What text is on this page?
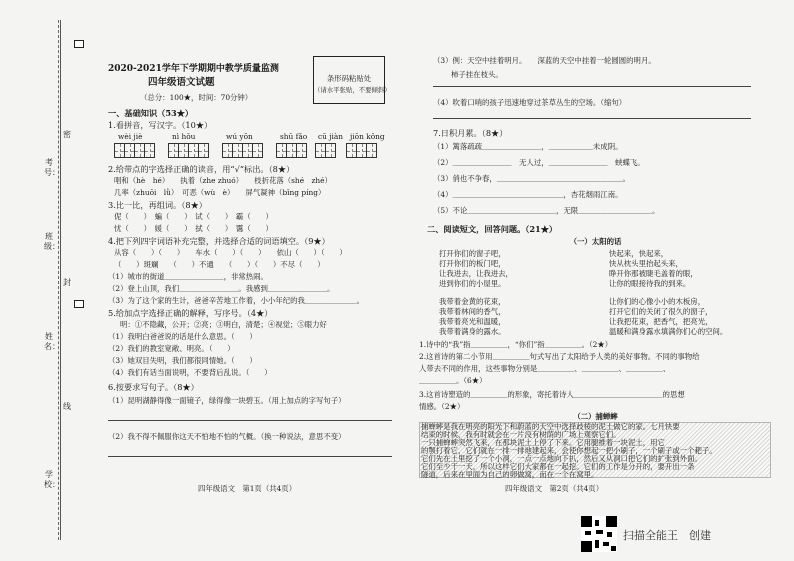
学校：
线
姓名：
封
班级：
密
考号：
2020-2021学年下学期期中教学质量监测
四年级语文试题
（总分：100★，时间：70分钟）
条形码粘贴处
（请水平张贴，不要倾斜）
一、基础知识（53★）
1.看拼音，写汉字。（10★）
wèi jiè	nì hǒu	wú yōn	shū fǎo cū jiàn jiōn kǒng
2.给带点的字选择正确的读音，用“√”标出。（8★）
唱和（hè　hé）　　执着（zhe zhuó）　　枝折花落（shé　zhé）
几率（zhuōi　lǜ）　可恶（wù　è）　　屏气凝神（bǐng píng）
3.比一比，再组词。（8★）
伲（　　）　蝙（　　）　试（　　）　霸（　　）
忧（　　）　媛（　　）　拭（　　）　霭（　　）
4.把下列四字词语补充完整，并选择合适的词语填空。（9★）
从容（　　）（　　）　　车水（　　）（　　）　　依山（　　）（　　）
（　　）斑斓　　（　　）不通　　（　　）（　　）不尽（　　）
（1）城市的街道＿＿＿＿＿＿＿＿，非常热闹。
（2）登上山顶，我们＿＿＿＿＿＿＿＿。我感到＿＿＿＿＿＿＿＿。
（3）为了这个家的生计，爸爸辛苦地工作着，小小年纪的我＿＿＿＿＿＿＿。
5.给加点字选择正确的解释，写序号。（4★）
明：①不隐藏，公开；②亮；③明白，清楚；④视觉；⑤眼力好
（1）我明白爸爸说的话是什么意思。（　　）
（2）我们的教室宽敞、明亮。（　　）
（3）她双目失明，我们都很同情她。（　　）
（4）我们有话当面说明，不要背后乱说。（　　）
6.按要求写句子。（8★）
（1）昆明湖静得像一面镜子，绿得像一块碧玉。（用上加点的字写句子）
（2）我不得不佩服你这天不怕地不怕的气概。（换一种说法，意思不变）
四年级语文　第1页（共4页）
（3）例：天空中挂着明月。　　深蓝的天空中挂着一轮圆圆的明月。
柿子挂在枝头。
（4）吹着口哨的孩子迅速地穿过茶草丛生的空场。（缩句）
7.日积月累。（8★）
（1）篱落疏疏＿＿＿＿＿＿＿＿，＿＿＿＿＿＿未成阴。
（2）＿＿＿＿＿＿＿＿　无人过，＿＿＿＿＿＿＿＿　蛱蝶飞。
（3）俏也不争春，＿＿＿＿＿＿＿＿＿＿＿＿＿＿＿＿＿。
（4）＿＿＿＿＿＿＿＿＿＿＿＿＿＿＿，杏花烟雨江南。
（5）不论＿＿＿＿＿＿＿＿＿＿＿＿，无限＿＿＿＿＿＿＿＿＿＿。
二、阅读短文，回答问题。（21★）
（一）太阳的话
打开你们的窗子吧，
打开你们的板门吧，
让我进去，让我进去，
进到你们的小屋里。
我带着金黄的花束，
我带着林间的香气，
我带着亮光和温暖，
我带着满身的露水。
快起来，快起来，
快从枕头里抬起头来，
睁开你那被睫毛盖着的眼，
让你的眼接待我的到来。
让你们的心像小小的木板房，
打开它们的关闭了很久的窗子，
让我把花束，把香气，把亮光，
温暖和满身露水填满你们心的空间。
1.诗中的“我”指＿＿＿＿＿，“你们”指＿＿＿＿＿。（2★）
2.这首诗的第二小节用＿＿＿＿＿句式写出了太阳给予人类的美好事物。不同的事物给
人带去不同的作用，这些事物分别是＿＿＿＿＿、＿＿＿＿＿、＿＿＿＿＿、
＿＿＿＿＿。（6★）
3.这首诗塑造的＿＿＿＿＿的形象，寄托着诗人＿＿＿＿＿＿＿＿＿＿＿＿的思想
情感。（2★）
（二）捕蝉蟀
捕蝉蟀是我在明亮的阳光下和蔚蓝的天空中选择歧棱的泥土做它的家。七月快要
结束的时候，我有时就会在一片没有树荫的广场上观察它们。
一只捕蝉蟀突然飞来，在那块泥土上停了下来。它用腿推着一块泥土，用它
的颚打着它，它们就在一排一排地建起来，会使你想起一把小刷子，一个刷子或一个耙子。
它们先在土里挖了一个小洞，一点一点地向下扒，然后又从洞口把它们的扩张到外面。
它们至少干一天，所以这样它们大家都在一起挖。它们的工作是分开的，要开出一条
隧道，后来在里面为自己的卵做窝，而在一个在窝里。
四年级语文　第2页（共4页）
扫描全能王　创建
